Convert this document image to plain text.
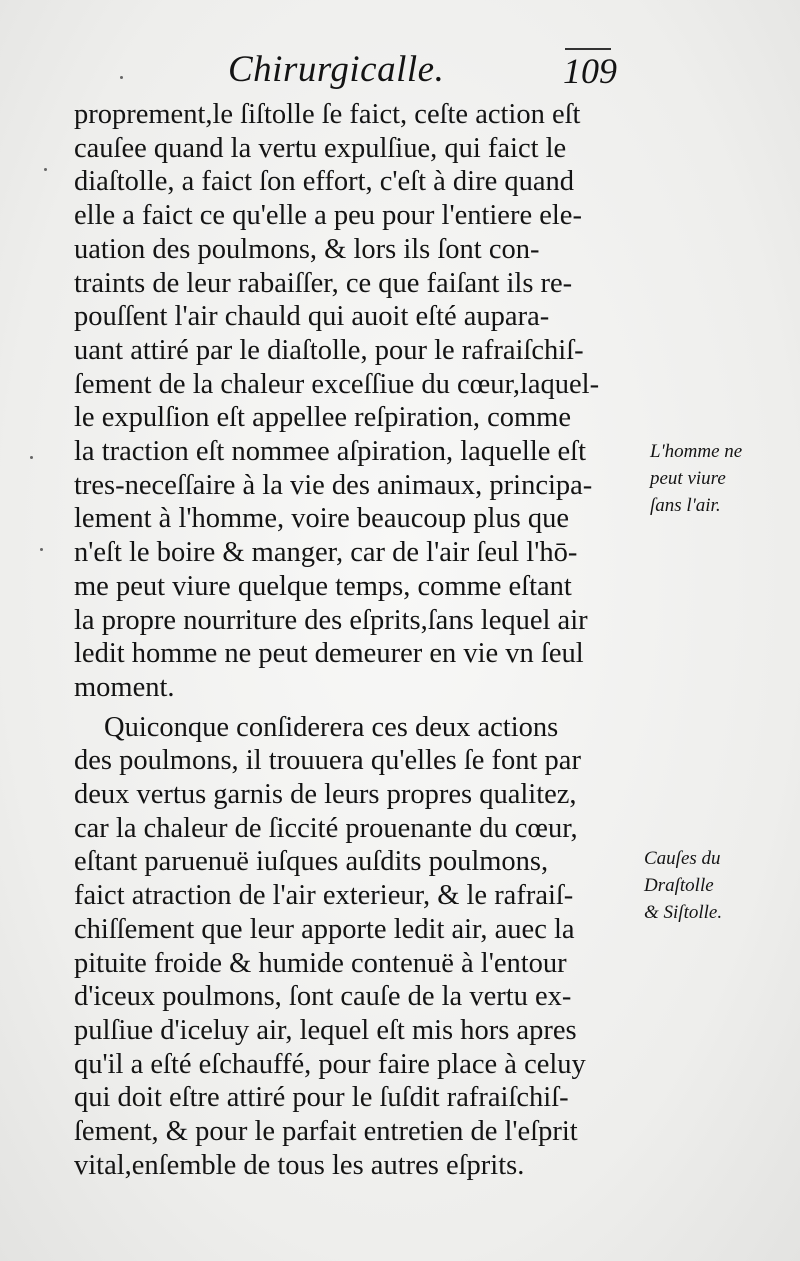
Chirurgicalle.	109
proprement,le ſiſtolle ſe faict, ceſte action eſt
cauſee quand la vertu expulſiue, qui faict le
diaſtolle, a faict ſon effort, c'eſt à dire quand
elle a faict ce qu'elle a peu pour l'entiere ele-
uation des poulmons, & lors ils ſont con-
traints de leur rabaiſſer, ce que faiſant ils re-
pouſſent l'air chauld qui auoit eſté aupara-
uant attiré par le diaſtolle, pour le rafraiſchiſ-
ſement de la chaleur exceſſiue du cœur,laquel-
le expulſion eſt appellee reſpiration, comme
la traction eſt nommee aſpiration, laquelle eſt
tres-neceſſaire à la vie des animaux, principa-
lement à l'homme, voire beaucoup plus que
n'eſt le boire & manger, car de l'air ſeul l'hō-
me peut viure quelque temps, comme eſtant
la propre nourriture des eſprits,ſans lequel air
ledit homme ne peut demeurer en vie vn ſeul
moment.
Quiconque conſiderera ces deux actions
des poulmons, il trouuera qu'elles ſe font par
deux vertus garnis de leurs propres qualitez,
car la chaleur de ſiccité prouenante du cœur,
eſtant paruenuë iuſques auſdits poulmons,
faict atraction de l'air exterieur, & le rafraiſ-
chiſſement que leur apporte ledit air, auec la
pituite froide & humide contenuë à l'entour
d'iceux poulmons, ſont cauſe de la vertu ex-
pulſiue d'iceluy air, lequel eſt mis hors apres
qu'il a eſté eſchauffé, pour faire place à celuy
qui doit eſtre attiré pour le ſuſdit rafraiſchiſ-
ſement, & pour le parfait entretien de l'eſprit
vital,enſemble de tous les autres eſprits.
L'homme ne
peut viure
ſans l'air.
Cauſes du
Draſtolle
& Siſtolle.
